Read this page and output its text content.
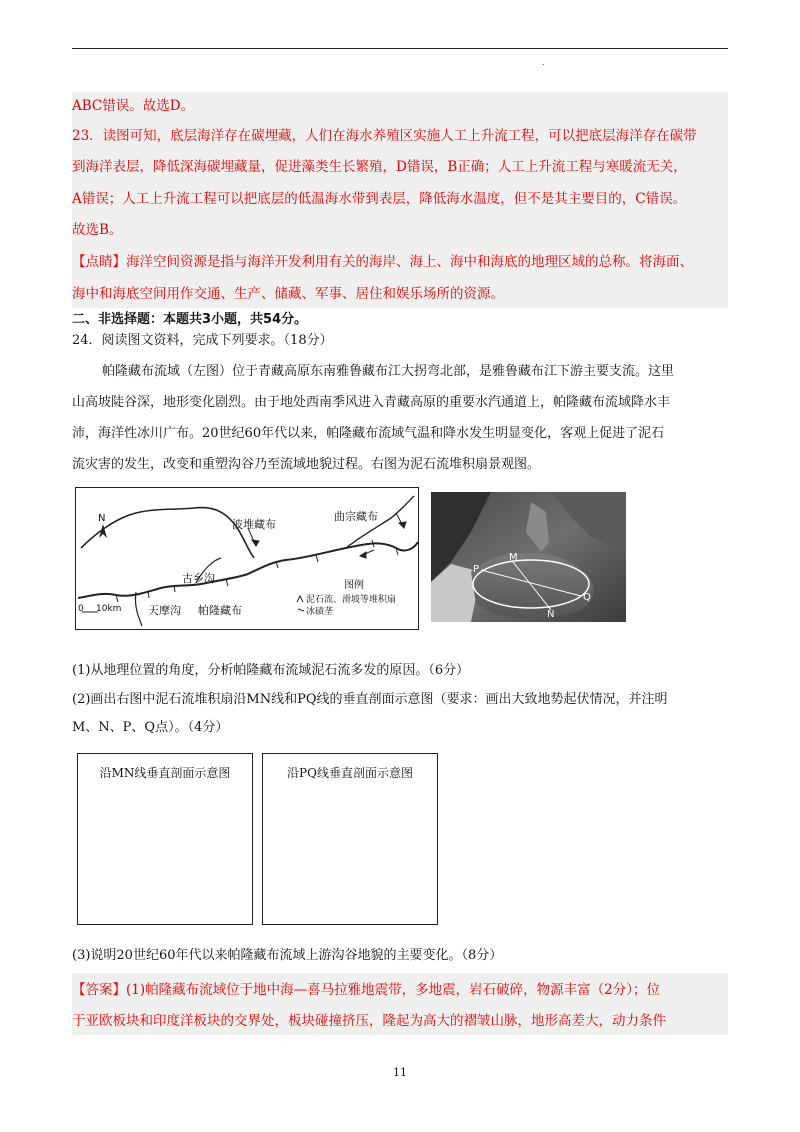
.
ABC错误。故选D。
23．读图可知，底层海洋存在碳埋藏，人们在海水养殖区实施人工上升流工程，可以把底层海洋存在碳带
到海洋表层，降低深海碳埋藏量，促进藻类生长繁殖，D错误，B正确；人工上升流工程与寒暖流无关，
A错误；人工上升流工程可以把底层的低温海水带到表层，降低海水温度，但不是其主要目的，C错误。
故选B。
【点睛】海洋空间资源是指与海洋开发利用有关的海岸、海上、海中和海底的地理区域的总称。将海面、
海中和海底空间用作交通、生产、储藏、军事、居住和娱乐场所的资源。
二、非选择题：本题共3小题，共54分。
24．阅读图文资料，完成下列要求。（18分）
帕隆藏布流域（左图）位于青藏高原东南雅鲁藏布江大拐弯北部，是雅鲁藏布江下游主要支流。这里
山高坡陡谷深，地形变化剧烈。由于地处西南季风进入青藏高原的重要水汽通道上，帕隆藏布流域降水丰
沛，海洋性冰川广布。20世纪60年代以来，帕隆藏布流域气温和降水发生明显变化，客观上促进了泥石
流灾害的发生，改变和重塑沟谷乃至流域地貌过程。右图为泥石流堆积扇景观图。
N	波堆藏布
曲宗藏布
古乡沟
天摩沟 帕隆藏布
0 10km
图例
泥石流、滑坡等堆积扇
冰碛垄
M
N
P
Q
(1)从地理位置的角度，分析帕隆藏布流域泥石流多发的原因。（6分）
(2)画出右图中泥石流堆积扇沿MN线和PQ线的垂直剖面示意图（要求：画出大致地势起伏情况，并注明
M、N、P、Q点）。（4分）
沿MN线垂直剖面示意图	沿PQ线垂直剖面示意图
(3)说明20世纪60年代以来帕隆藏布流域上游沟谷地貌的主要变化。（8分）
【答案】(1)帕隆藏布流域位于地中海—喜马拉雅地震带，多地震，岩石破碎，物源丰富（2分）；位
于亚欧板块和印度洋板块的交界处，板块碰撞挤压，隆起为高大的褶皱山脉，地形高差大，动力条件
11
